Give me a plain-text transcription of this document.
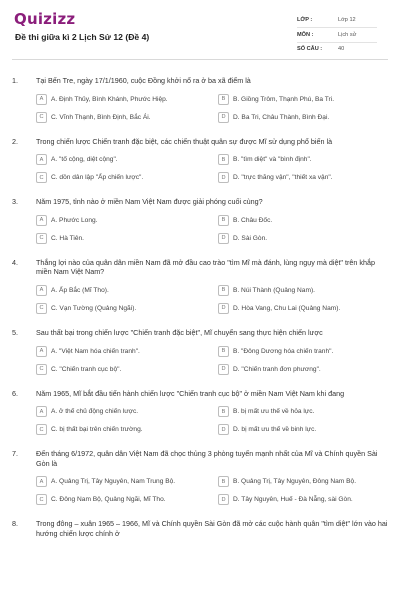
Quizizz
Đề thi giữa kì 2 Lịch Sử 12 (Đề 4)
LỚP :	Lớp 12
MÔN :	Lịch sử
SỐ CÂU :	40
1.	Tại Bến Tre, ngày 17/1/1960, cuộc Đồng khởi nổ ra ở ba xã điểm là
A	A. Định Thủy, Bình Khánh, Phước Hiệp.	B	B. Giồng Trôm, Thạnh Phú, Ba Tri.
C	C. Vĩnh Thạnh, Bình Định, Bắc Ái.	D	D. Ba Tri, Châu Thành, Bình Đại.
2.	Trong chiến lược Chiến tranh đặc biệt, các chiến thuật quân sự được Mĩ sử dụng phổ biến là
A	A. "tố cộng, diệt cộng".	B	B. "tìm diệt" và "bình định".
C	C. dồn dân lập "Ấp chiến lược".	D	D. "trực thăng vận", "thiết xa vận".
3.	Năm 1975, tỉnh nào ở miền Nam Việt Nam được giải phóng cuối cùng?
A	A. Phước Long.	B	B. Châu Đốc.
C	C. Hà Tiên.	D	D. Sài Gòn.
4.	Thắng lợi nào của quân dân miền Nam đã mở đầu cao trào "tìm Mĩ mà đánh, lùng ngụy mà diệt" trên khắp miền Nam Việt Nam?
A	A. Ấp Bắc (Mĩ Tho).	B	B. Núi Thành (Quảng Nam).
C	C. Vạn Tường (Quảng Ngãi).	D	D. Hòa Vang, Chu Lai (Quảng Nam).
5.	Sau thất bại trong chiến lược "Chiến tranh đặc biệt", Mĩ chuyển sang thực hiện chiến lược
A	A. "Việt Nam hóa chiến tranh".	B	B. "Đông Dương hóa chiến tranh".
C	C. "Chiến tranh cục bộ".	D	D. "Chiến tranh đơn phương".
6.	Năm 1965, Mĩ bắt đầu tiến hành chiến lược "Chiến tranh cục bộ" ở miền Nam Việt Nam khi đang
A	A. ở thế chủ động chiến lược.	B	B. bị mất ưu thế về hỏa lực.
C	C. bị thất bại trên chiến trường.	D	D. bị mất ưu thế về binh lực.
7.	Đến tháng 6/1972, quân dân Việt Nam đã chọc thủng 3 phòng tuyến mạnh nhất của Mĩ và Chính quyền Sài Gòn là
A	A. Quảng Trị, Tây Nguyên, Nam Trung Bộ.	B	B. Quảng Trị, Tây Nguyên, Đông Nam Bộ.
C	C. Đông Nam Bộ, Quảng Ngãi, Mĩ Tho.	D	D. Tây Nguyên, Huế - Đà Nẵng, sài Gòn.
8.	Trong đông – xuân 1965 – 1966, Mĩ và Chính quyền Sài Gòn đã mở các cuộc hành quân "tìm diệt" lớn vào hai hướng chiến lược chính ở
